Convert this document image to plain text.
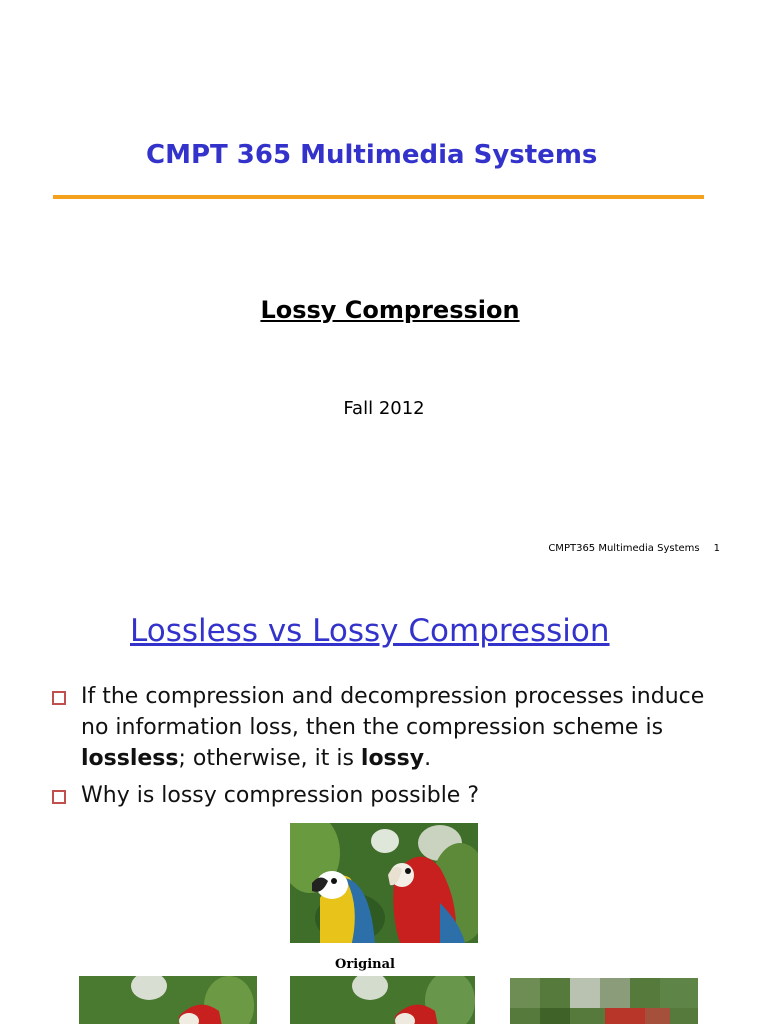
CMPT 365 Multimedia Systems
Lossy Compression
Fall 2012
CMPT365 Multimedia Systems 1
Lossless vs Lossy Compression
If the compression and decompression processes induce no information loss, then the compression scheme is lossless; otherwise, it is lossy.
Why is lossy compression possible ?
Original
